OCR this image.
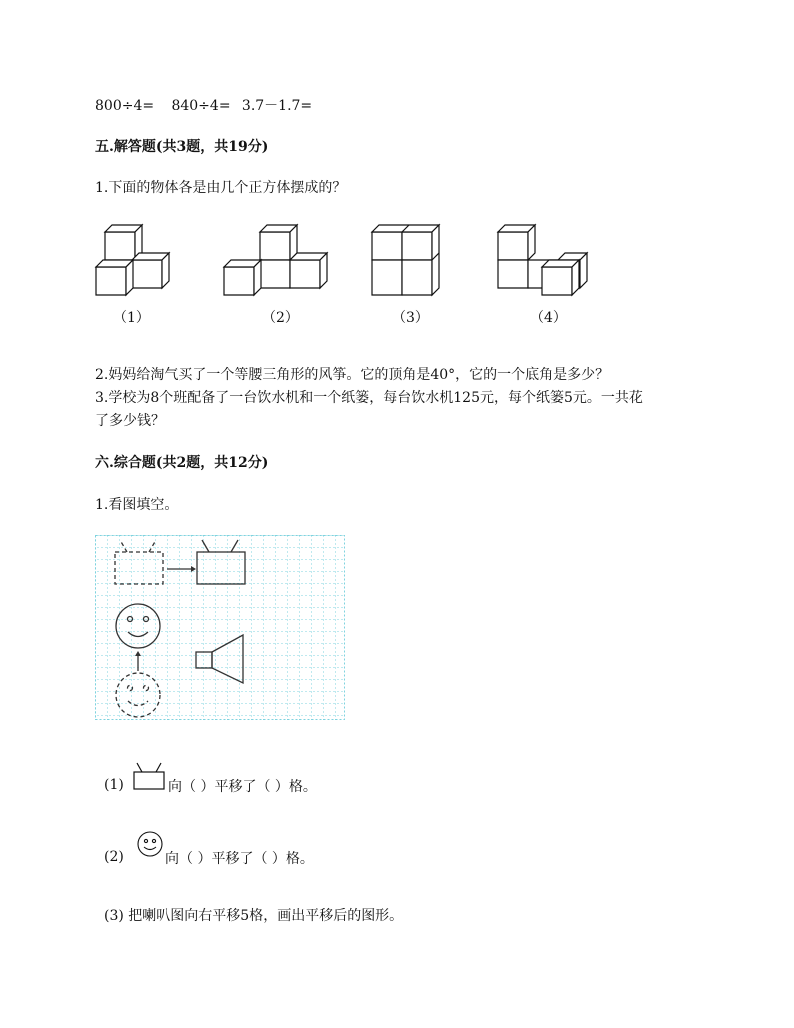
800÷4= 840÷4= 3.7－1.7=
五.解答题(共3题，共19分)
1.下面的物体各是由几个正方体摆成的？
（1）	（2）	（3）	（4）
2.妈妈给淘气买了一个等腰三角形的风筝。它的顶角是40°，它的一个底角是多少？
3.学校为8个班配备了一台饮水机和一个纸篓，每台饮水机125元，每个纸篓5元。一共花
了多少钱？
六.综合题(共2题，共12分)
1.看图填空。
(1)	向（ ）平移了（ ）格。
(2)	向（ ）平移了（ ）格。
(3) 把喇叭图向右平移5格，画出平移后的图形。
